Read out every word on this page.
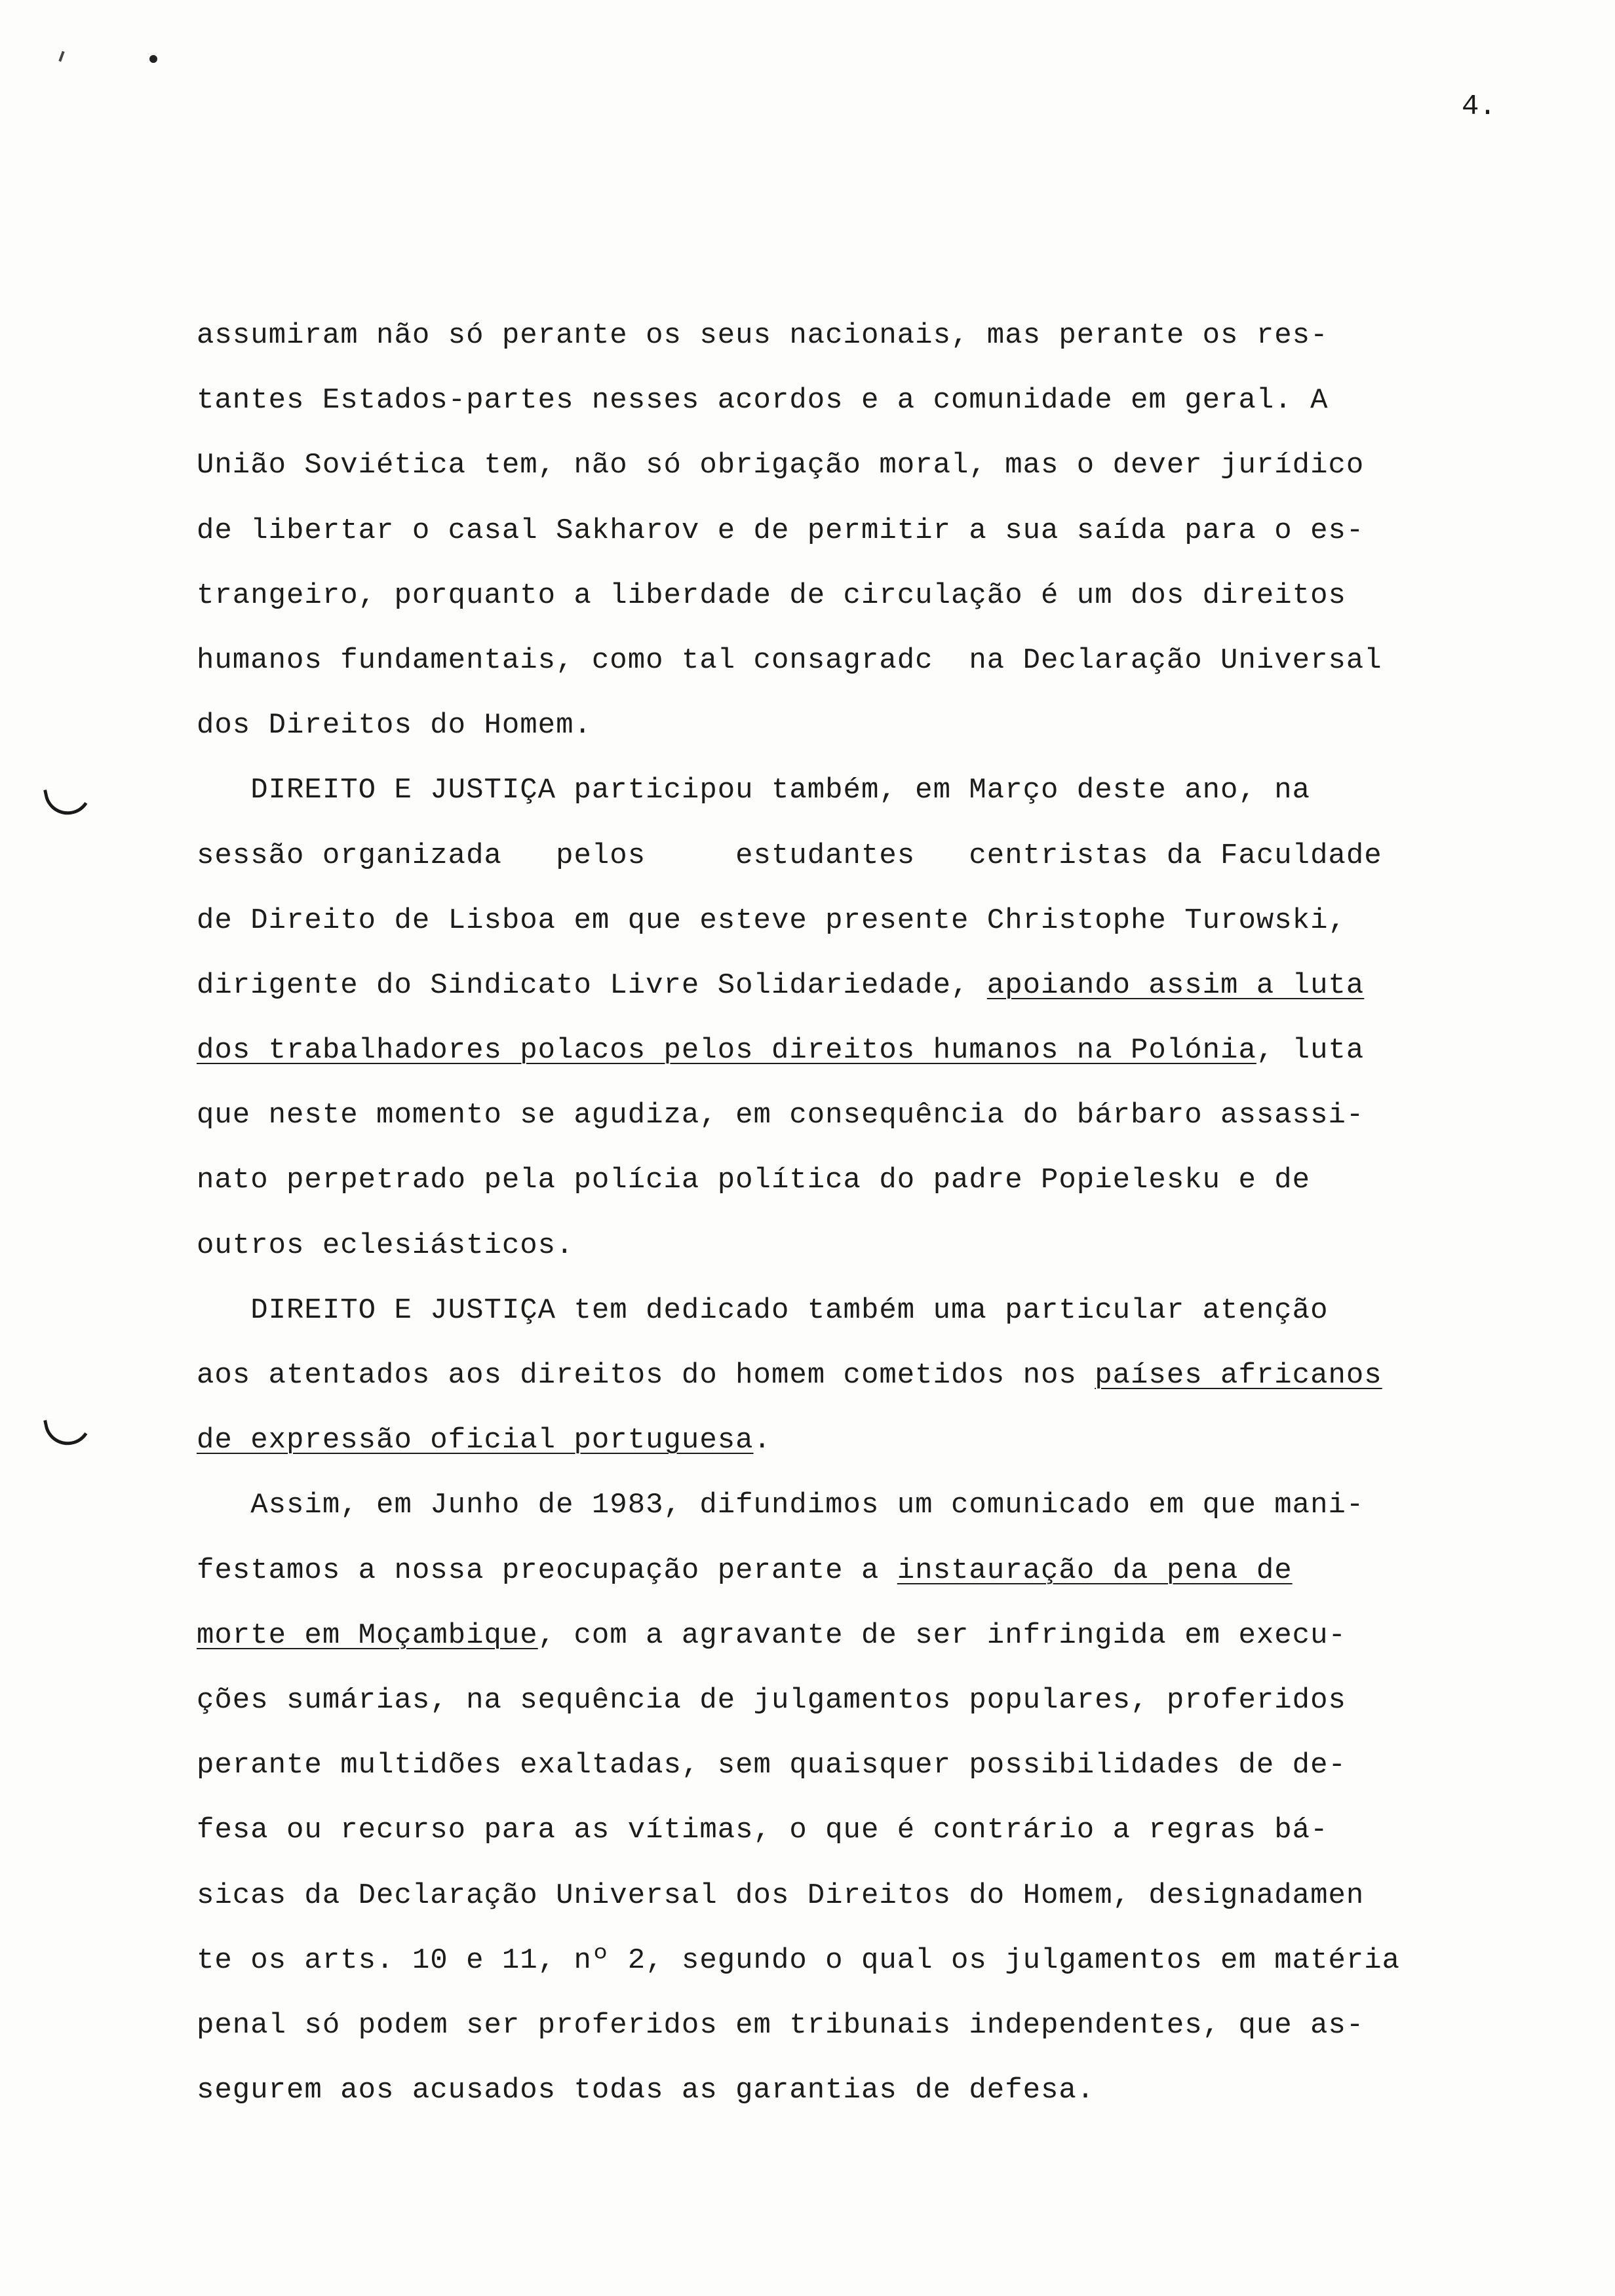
4.
assumiram não só perante os seus nacionais, mas perante os res-
tantes Estados-partes nesses acordos e a comunidade em geral. A
União Soviética tem, não só obrigação moral, mas o dever jurídico
de libertar o casal Sakharov e de permitir a sua saída para o es-
trangeiro, porquanto a liberdade de circulação é um dos direitos
humanos fundamentais, como tal consagradc  na Declaração Universal
dos Direitos do Homem.
DIREITO E JUSTIÇA participou também, em Março deste ano, na
sessão organizada   pelos     estudantes   centristas da Faculdade
de Direito de Lisboa em que esteve presente Christophe Turowski,
dirigente do Sindicato Livre Solidariedade, apoiando assim a luta
dos trabalhadores polacos pelos direitos humanos na Polónia, luta
que neste momento se agudiza, em consequência do bárbaro assassi-
nato perpetrado pela polícia política do padre Popielesku e de
outros eclesiásticos.
DIREITO E JUSTIÇA tem dedicado também uma particular atenção
aos atentados aos direitos do homem cometidos nos países africanos
de expressão oficial portuguesa.
Assim, em Junho de 1983, difundimos um comunicado em que mani-
festamos a nossa preocupação perante a instauração da pena de
morte em Moçambique, com a agravante de ser infringida em execu-
ções sumárias, na sequência de julgamentos populares, proferidos
perante multidões exaltadas, sem quaisquer possibilidades de de-
fesa ou recurso para as vítimas, o que é contrário a regras bá-
sicas da Declaração Universal dos Direitos do Homem, designadamen
te os arts. 10 e 11, nº 2, segundo o qual os julgamentos em matéria
penal só podem ser proferidos em tribunais independentes, que as-
segurem aos acusados todas as garantias de defesa.
